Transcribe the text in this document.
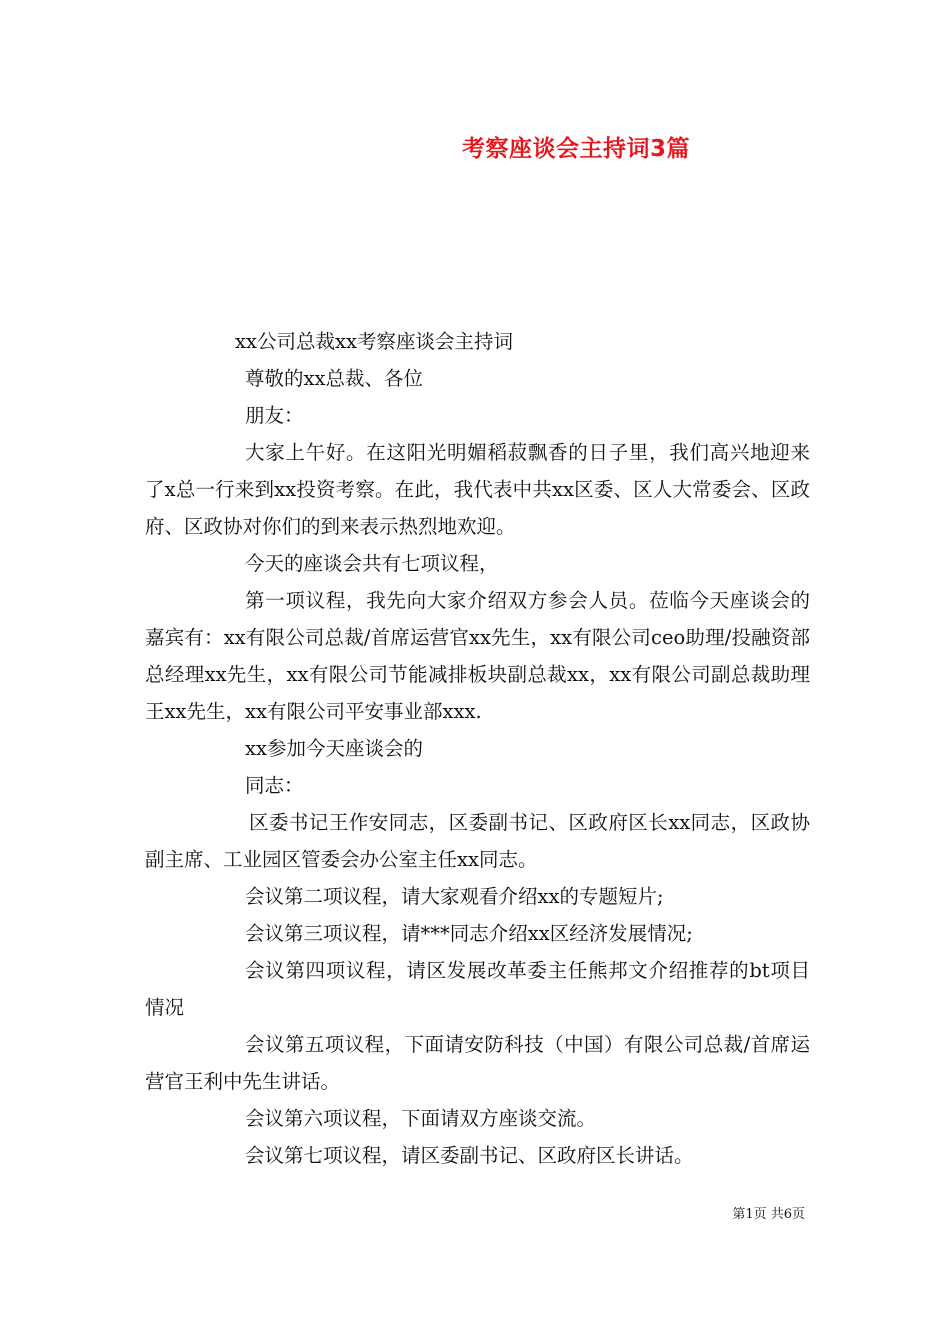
考察座谈会主持词3篇

xx公司总裁xx考察座谈会主持词

尊敬的xx总裁、各位

朋友：

大家上午好。在这阳光明媚稻菽飘香的日子里，我们高兴地迎来了x总一行来到xx投资考察。在此，我代表中共xx区委、区人大常委会、区政府、区政协对你们的到来表示热烈地欢迎。

今天的座谈会共有七项议程，

第一项议程，我先向大家介绍双方参会人员。莅临今天座谈会的嘉宾有：xx有限公司总裁/首席运营官xx先生，xx有限公司ceo助理/投融资部总经理xx先生，xx有限公司节能减排板块副总裁xx，xx有限公司副总裁助理王xx先生，xx有限公司平安事业部xxx.

xx参加今天座谈会的

同志：

区委书记王作安同志，区委副书记、区政府区长xx同志，区政协副主席、工业园区管委会办公室主任xx同志。

会议第二项议程，请大家观看介绍xx的专题短片;

会议第三项议程，请***同志介绍xx区经济发展情况;

会议第四项议程，请区发展改革委主任熊邦文介绍推荐的bt项目情况

会议第五项议程，下面请安防科技（中国）有限公司总裁/首席运营官王利中先生讲话。

会议第六项议程，下面请双方座谈交流。

会议第七项议程，请区委副书记、区政府区长讲话。

第1页 共6页
